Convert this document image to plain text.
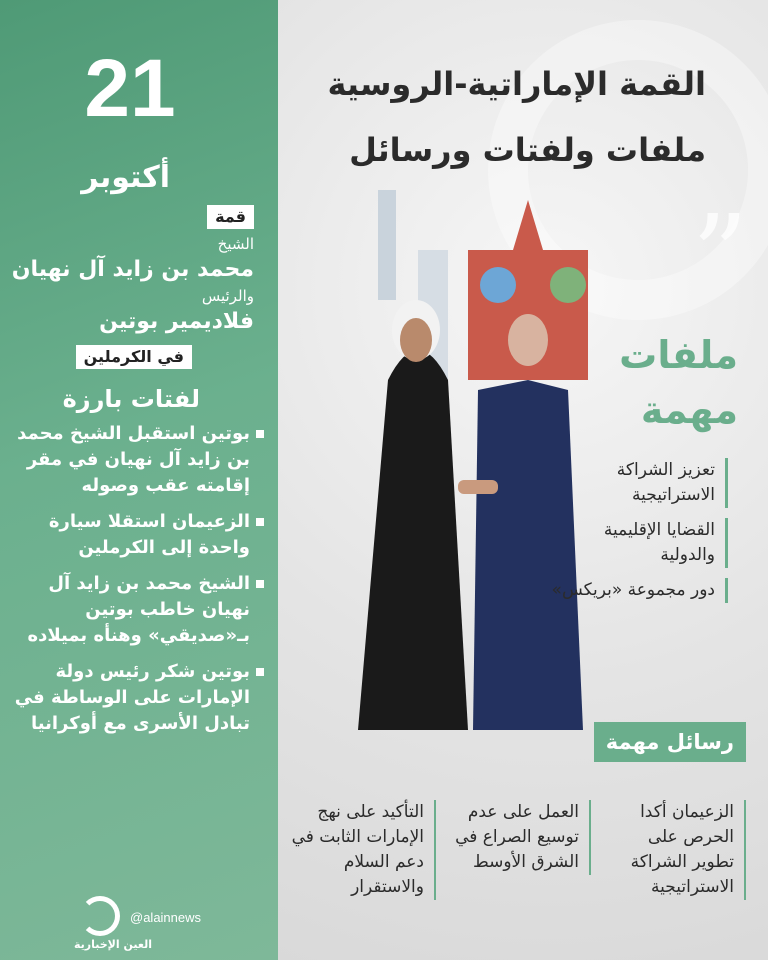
21
أكتوبر
قمة
الشيخ
محمد بن زايد آل نهيان
والرئيس
فلاديمير بوتين
في الكرملين
لفتات بارزة
بوتين استقبل الشيخ محمد بن زايد آل نهيان في مقر إقامته عقب وصوله
الزعيمان استقلا سيارة واحدة إلى الكرملين
الشيخ محمد بن زايد آل نهيان خاطب بوتين بـ«صديقي» وهنأه بميلاده
بوتين شكر رئيس دولة الإمارات على الوساطة في تبادل الأسرى مع أوكرانيا
العين الإخبارية
@alainnews
القمة الإماراتية-الروسية
ملفات ولفتات ورسائل
”
ملفات
مهمة
تعزيز الشراكة الاستراتيجية
القضايا الإقليمية والدولية
دور مجموعة «بريكس»
رسائل مهمة
الزعيمان أكدا الحرص على تطوير الشراكة الاستراتيجية
العمل على عدم توسيع الصراع في الشرق الأوسط
التأكيد على نهج الإمارات الثابت في دعم السلام والاستقرار
